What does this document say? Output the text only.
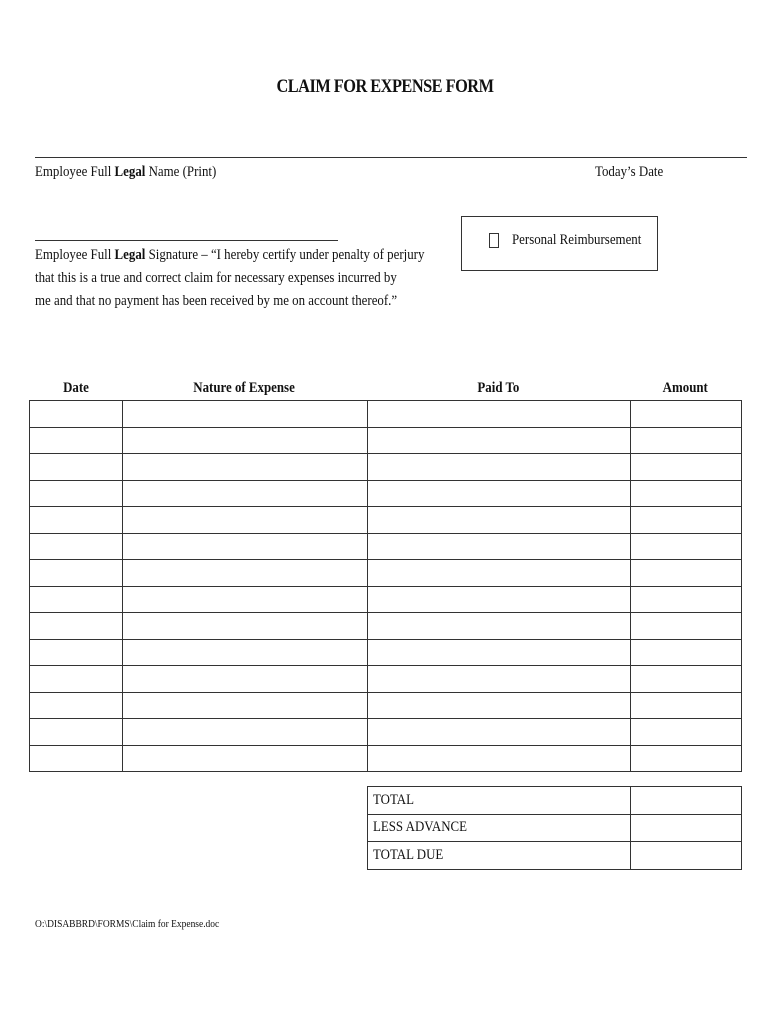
CLAIM FOR EXPENSE FORM
Employee Full Legal Name (Print)	Today’s Date
Employee Full Legal Signature – “I hereby certify under penalty of perjury
that this is a true and correct claim for necessary expenses incurred by
me and that no payment has been received by me on account thereof.”
Personal Reimbursement
Date	Nature of Expense	Paid To	Amount

TOTAL	
LESS ADVANCE	
TOTAL DUE	
O:\DISABBRD\FORMS\Claim for Expense.doc
